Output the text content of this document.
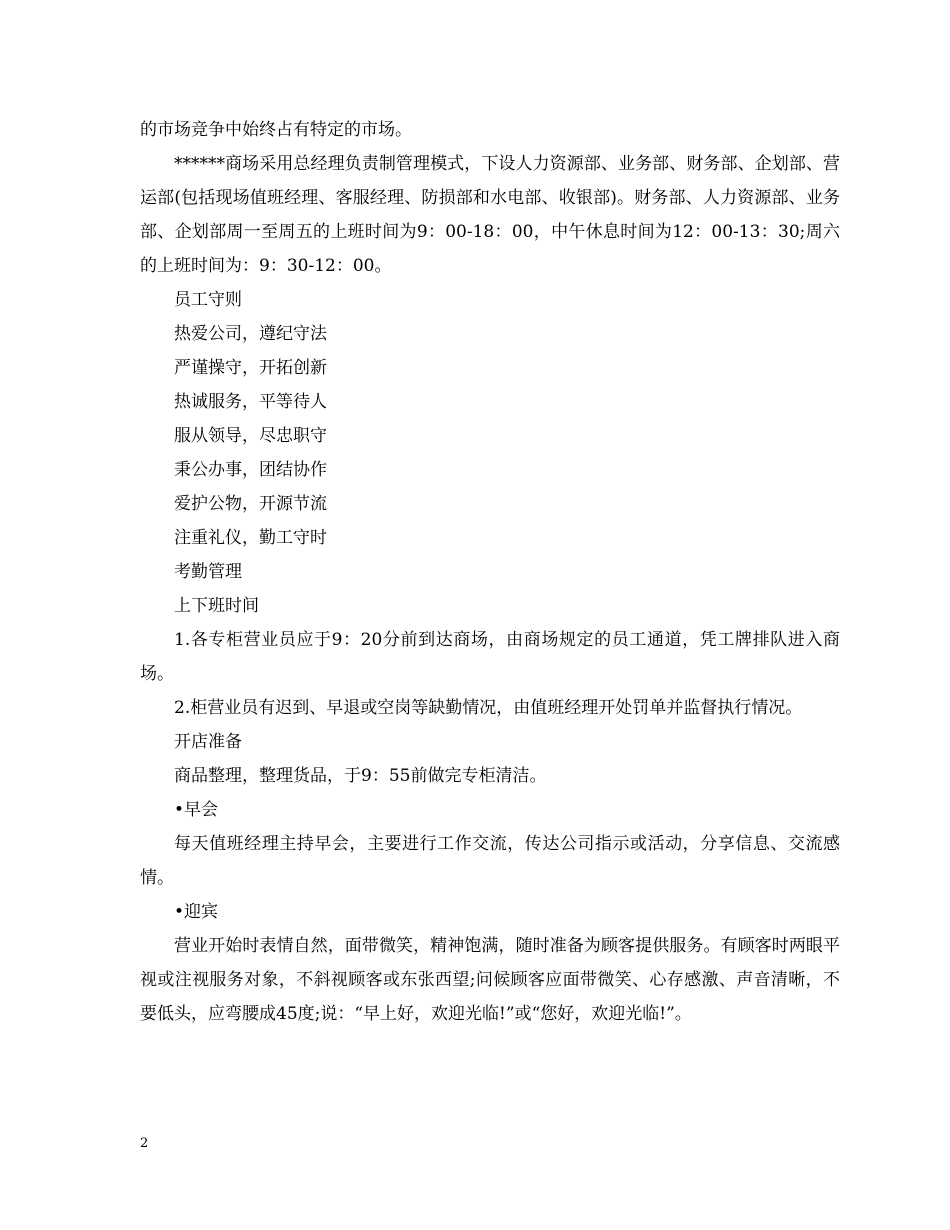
的市场竞争中始终占有特定的市场。

******商场采用总经理负责制管理模式，下设人力资源部、业务部、财务部、企划部、营运部(包括现场值班经理、客服经理、防损部和水电部、收银部)。财务部、人力资源部、业务部、企划部周一至周五的上班时间为9：00-18：00，中午休息时间为12：00-13：30;周六的上班时间为：9：30-12：00。

员工守则

热爱公司，遵纪守法

严谨操守，开拓创新

热诚服务，平等待人

服从领导，尽忠职守

秉公办事，团结协作

爱护公物，开源节流

注重礼仪，勤工守时

考勤管理

上下班时间

1.各专柜营业员应于9：20分前到达商场，由商场规定的员工通道，凭工牌排队进入商场。

2.柜营业员有迟到、早退或空岗等缺勤情况，由值班经理开处罚单并监督执行情况。

开店准备

商品整理，整理货品，于9：55前做完专柜清洁。

•早会

每天值班经理主持早会，主要进行工作交流，传达公司指示或活动，分享信息、交流感情。

•迎宾

营业开始时表情自然，面带微笑，精神饱满，随时准备为顾客提供服务。有顾客时两眼平视或注视服务对象，不斜视顾客或东张西望;问候顾客应面带微笑、心存感激、声音清晰，不要低头，应弯腰成45度;说：“早上好，欢迎光临!”或“您好，欢迎光临!”。

2
